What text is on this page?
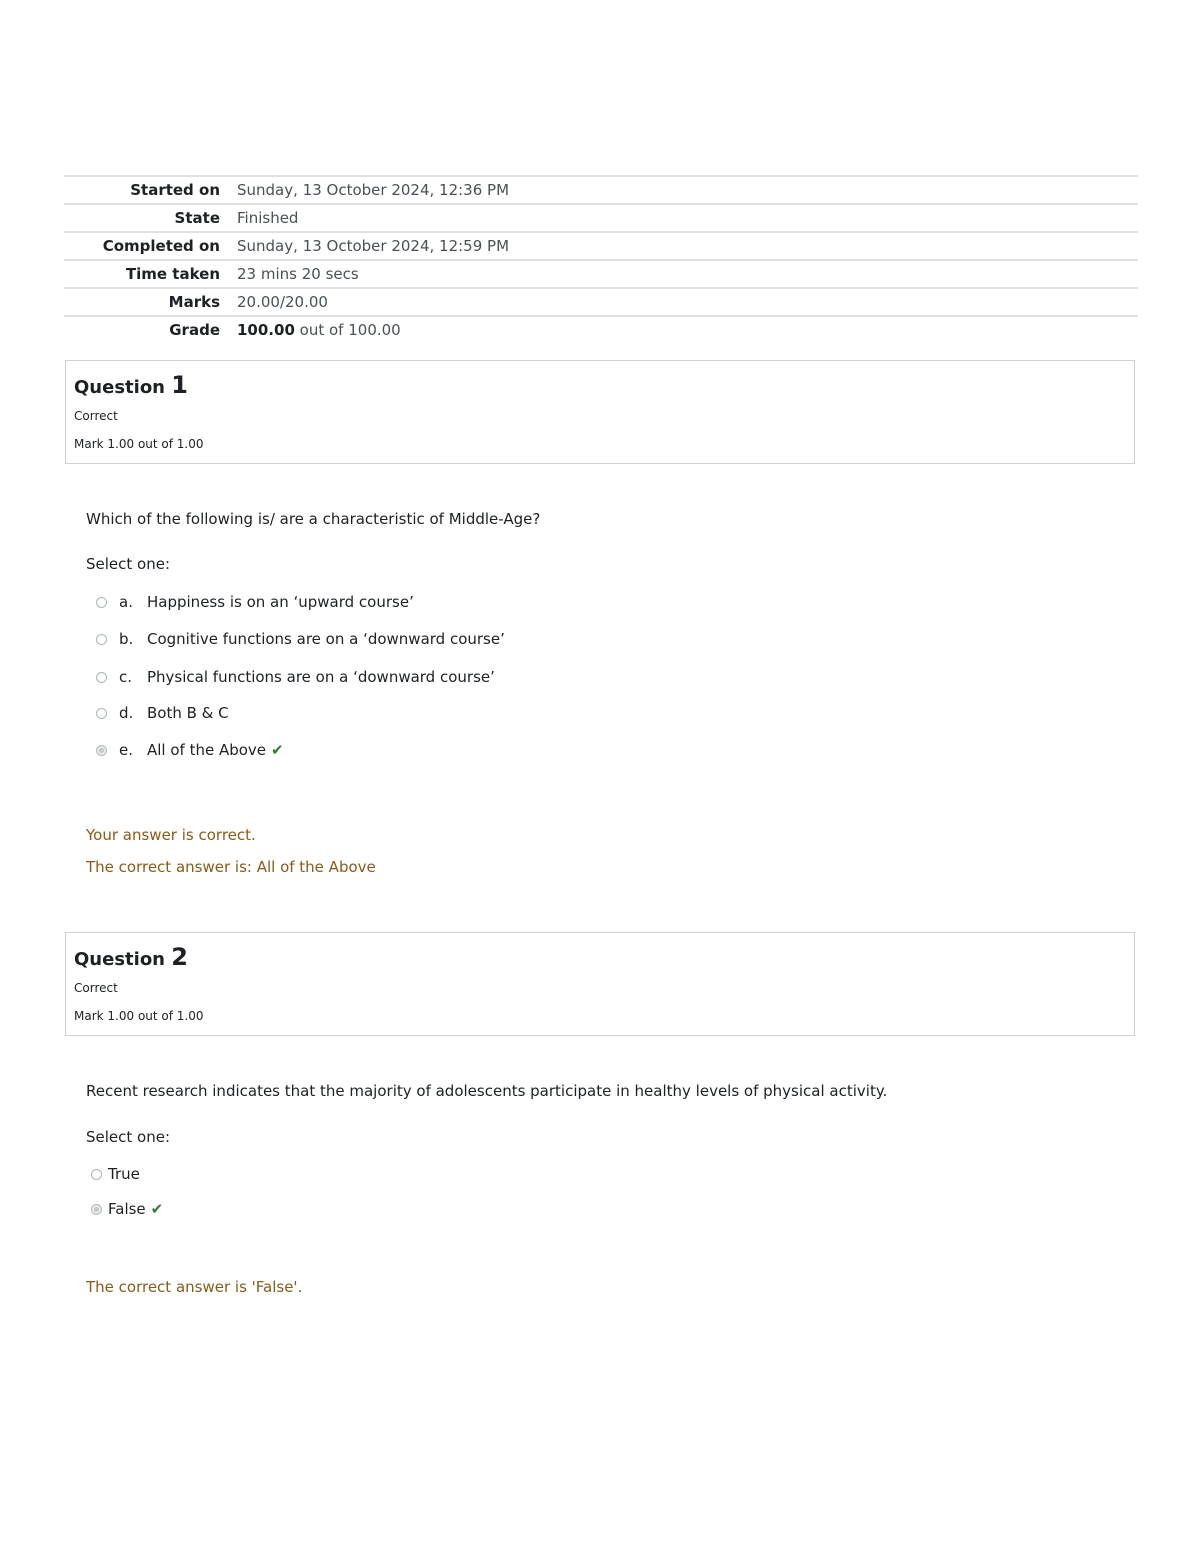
Started on	Sunday, 13 October 2024, 12:36 PM
State	Finished
Completed on	Sunday, 13 October 2024, 12:59 PM
Time taken	23 mins 20 secs
Marks	20.00/20.00
Grade	100.00 out of 100.00
Question 1
Correct
Mark 1.00 out of 1.00
Which of the following is/ are a characteristic of Middle-Age?
Select one:
a. Happiness is on an ‘upward course’
b. Cognitive functions are on a ‘downward course’
c. Physical functions are on a ‘downward course’
d. Both B & C
e. All of the Above ✔
Your answer is correct.
The correct answer is: All of the Above
Question 2
Correct
Mark 1.00 out of 1.00
Recent research indicates that the majority of adolescents participate in healthy levels of physical activity.
Select one:
True
False ✔
The correct answer is 'False'.
